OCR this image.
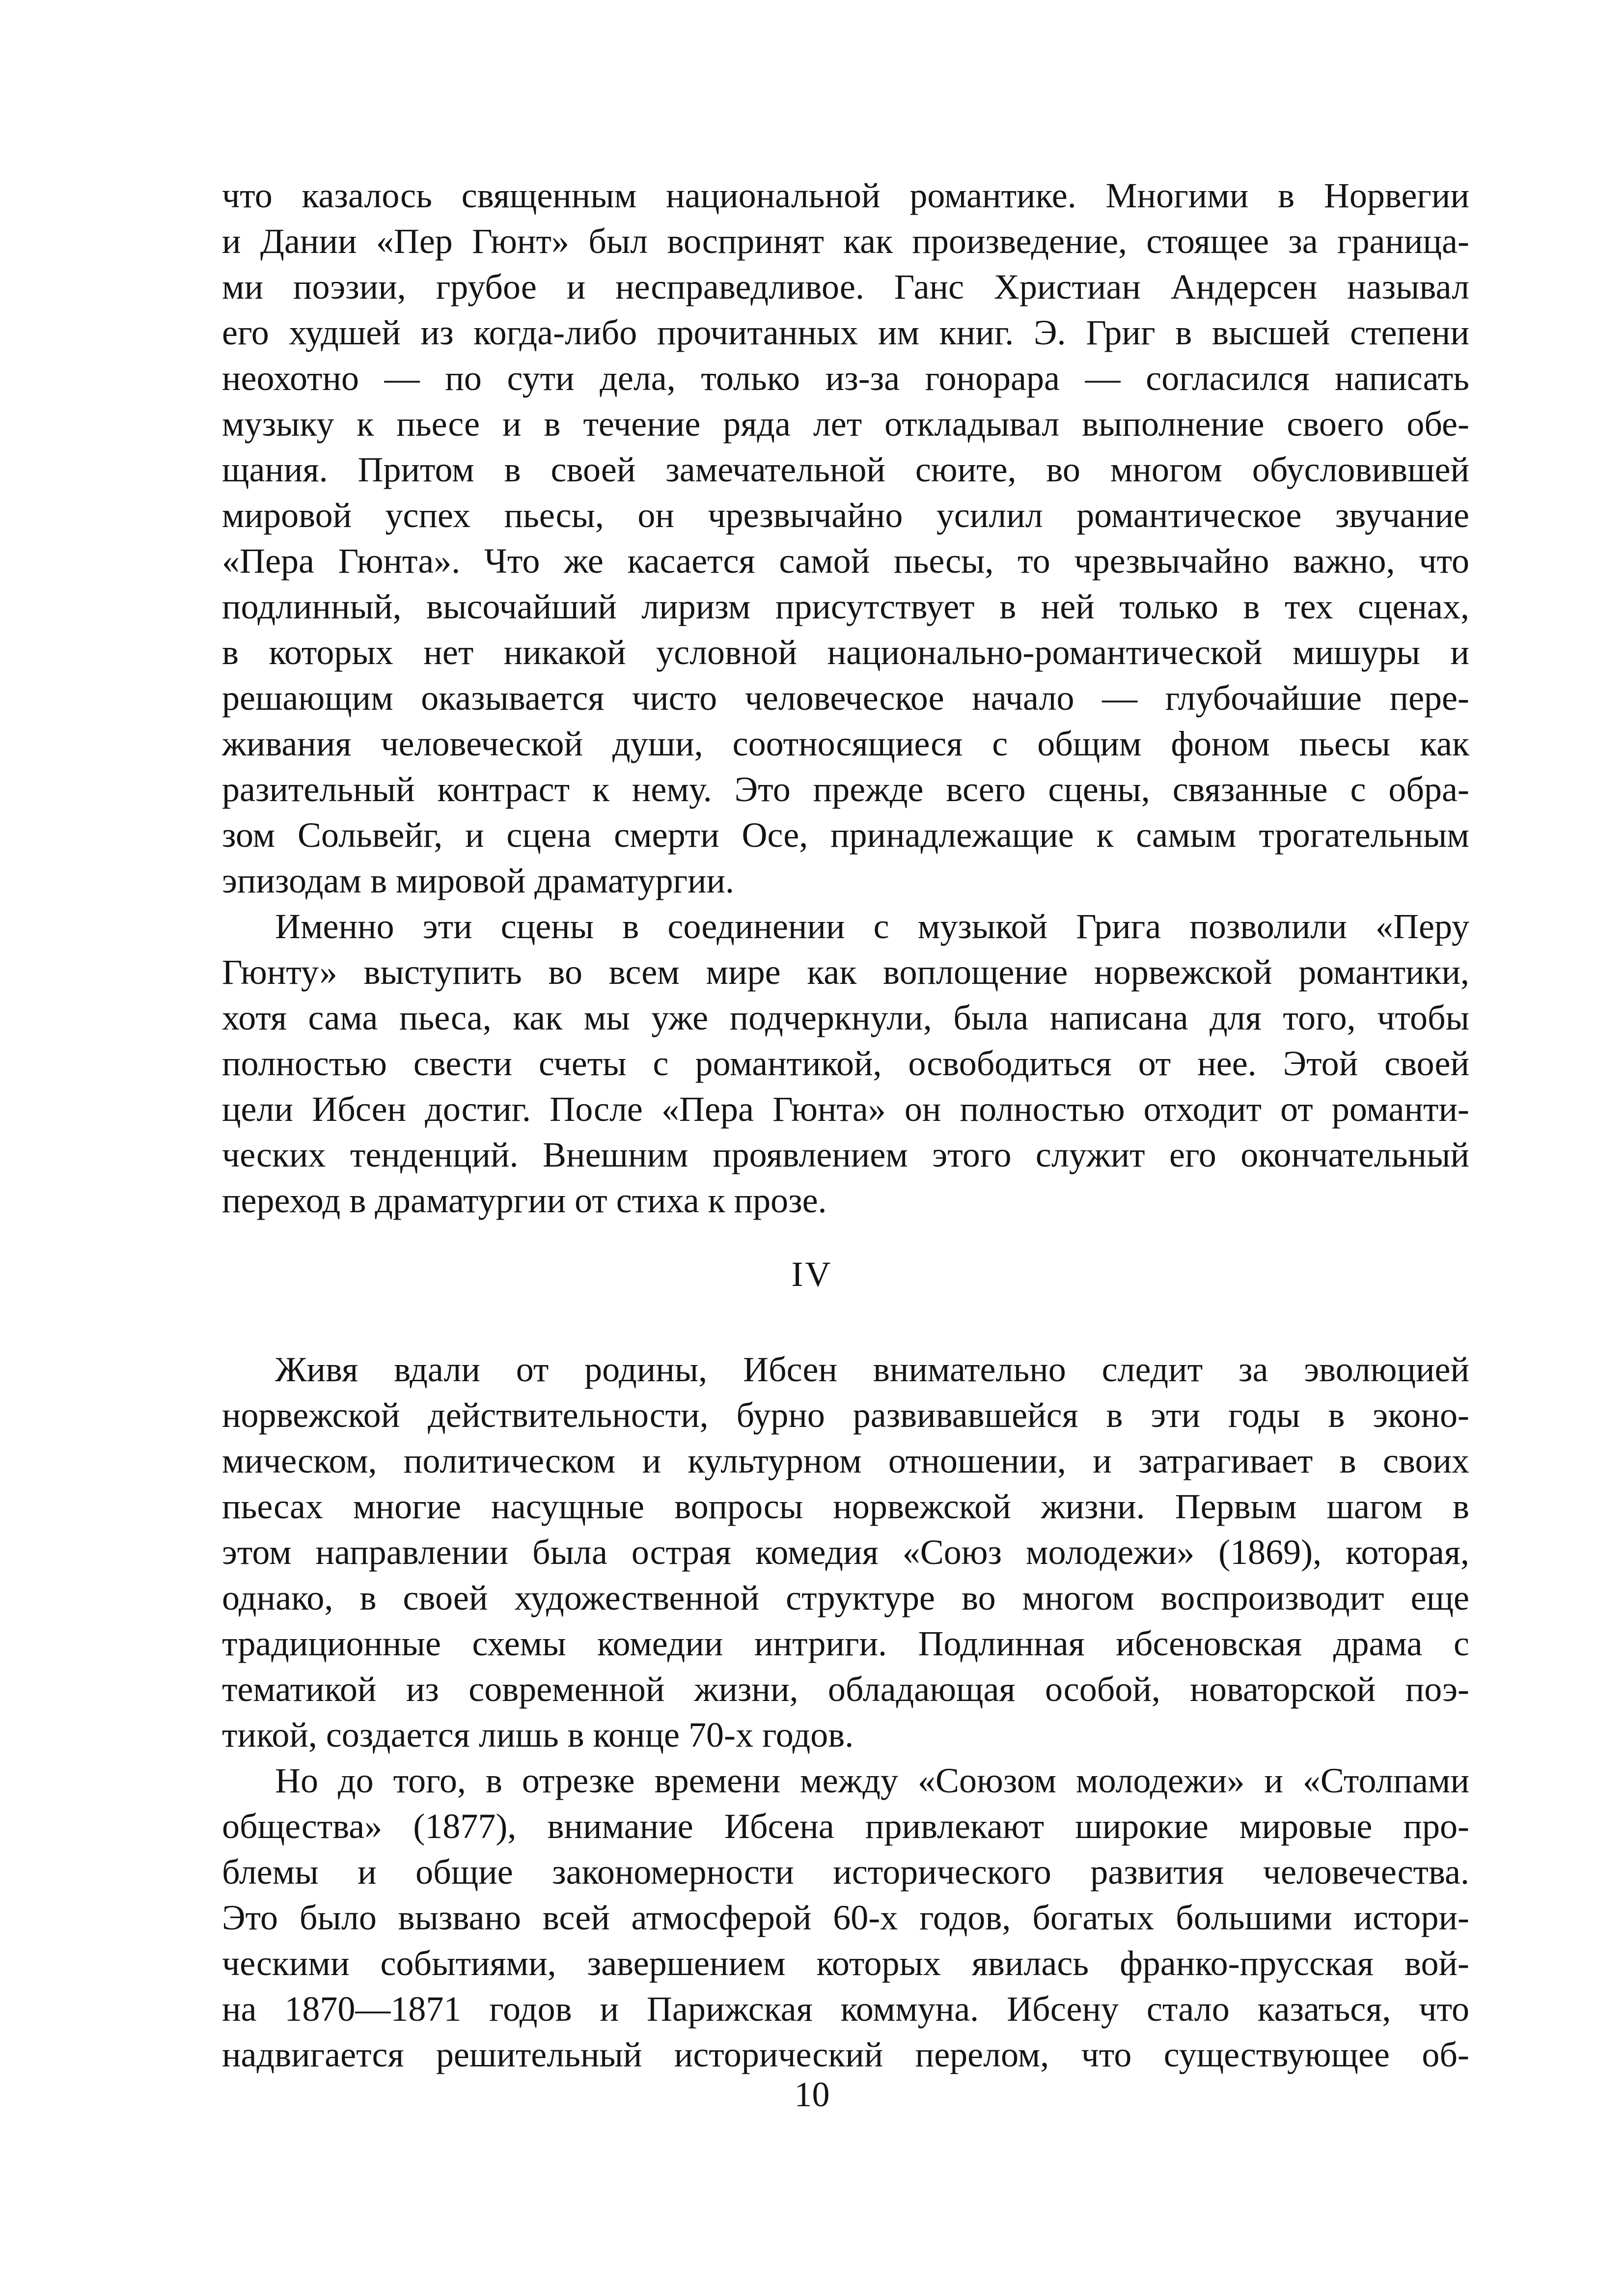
что казалось священным национальной романтике. Многими в Норвегии
и Дании «Пер Гюнт» был воспринят как произведение, стоящее за граница-
ми поэзии, грубое и несправедливое. Ганс Христиан Андерсен называл
его худшей из когда-либо прочитанных им книг. Э. Григ в высшей степени
неохотно — по сути дела, только из-за гонорара — согласился написать
музыку к пьесе и в течение ряда лет откладывал выполнение своего обе-
щания. Притом в своей замечательной сюите, во многом обусловившей
мировой успех пьесы, он чрезвычайно усилил романтическое звучание
«Пера Гюнта». Что же касается самой пьесы, то чрезвычайно важно, что
подлинный, высочайший лиризм присутствует в ней только в тех сценах,
в которых нет никакой условной национально-романтической мишуры и
решающим оказывается чисто человеческое начало — глубочайшие пере-
живания человеческой души, соотносящиеся с общим фоном пьесы как
разительный контраст к нему. Это прежде всего сцены, связанные с обра-
зом Сольвейг, и сцена смерти Осе, принадлежащие к самым трогательным
эпизодам в мировой драматургии.
Именно эти сцены в соединении с музыкой Грига позволили «Перу
Гюнту» выступить во всем мире как воплощение норвежской романтики,
хотя сама пьеса, как мы уже подчеркнули, была написана для того, чтобы
полностью свести счеты с романтикой, освободиться от нее. Этой своей
цели Ибсен достиг. После «Пера Гюнта» он полностью отходит от романти-
ческих тенденций. Внешним проявлением этого служит его окончательный
переход в драматургии от стиха к прозе.
IV
Живя вдали от родины, Ибсен внимательно следит за эволюцией
норвежской действительности, бурно развивавшейся в эти годы в эконо-
мическом, политическом и культурном отношении, и затрагивает в своих
пьесах многие насущные вопросы норвежской жизни. Первым шагом в
этом направлении была острая комедия «Союз молодежи» (1869), которая,
однако, в своей художественной структуре во многом воспроизводит еще
традиционные схемы комедии интриги. Подлинная ибсеновская драма с
тематикой из современной жизни, обладающая особой, новаторской поэ-
тикой, создается лишь в конце 70-х годов.
Но до того, в отрезке времени между «Союзом молодежи» и «Столпами
общества» (1877), внимание Ибсена привлекают широкие мировые про-
блемы и общие закономерности исторического развития человечества.
Это было вызвано всей атмосферой 60-х годов, богатых большими истори-
ческими событиями, завершением которых явилась франко-прусская вой-
на 1870—1871 годов и Парижская коммуна. Ибсену стало казаться, что
надвигается решительный исторический перелом, что существующее об-
10
